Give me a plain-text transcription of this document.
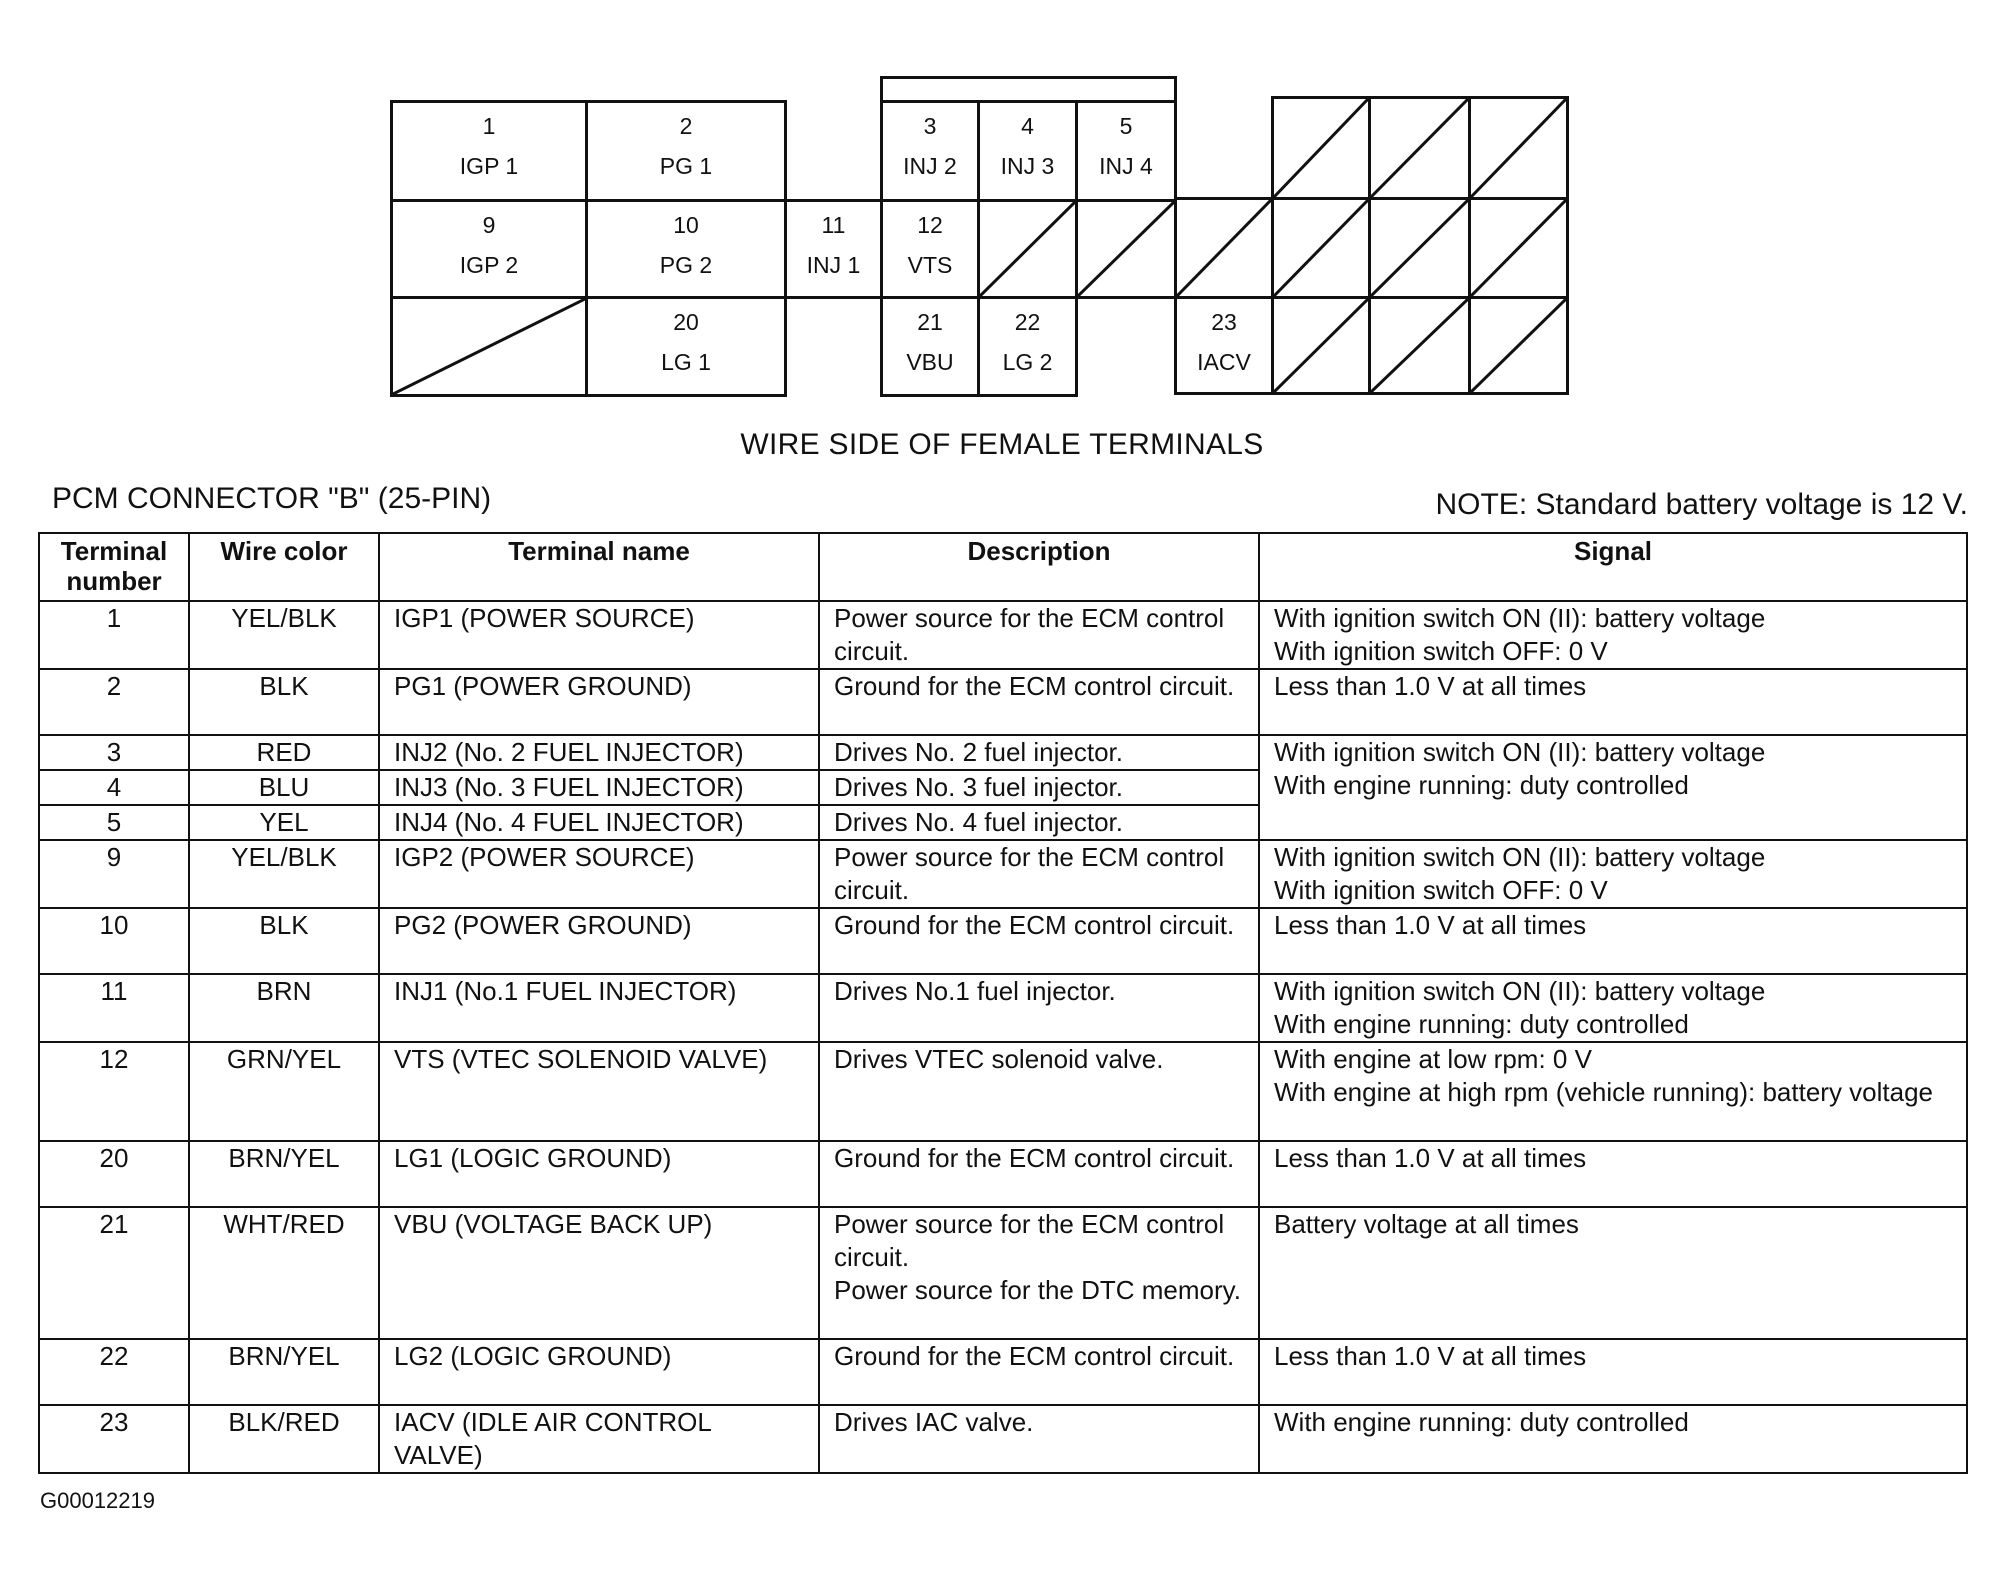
1
IGP 1
2
PG 1
3
INJ 2
4
INJ 3
5
INJ 4
9
IGP 2
10
PG 2
11
INJ 1
12
VTS
20
LG 1
21
VBU
22
LG 2
23
IACV
WIRE SIDE OF FEMALE TERMINALS
PCM CONNECTOR "B" (25-PIN)	NOTE: Standard battery voltage is 12 V.
Terminal number	Wire color	Terminal name	Description	Signal
1	YEL/BLK	IGP1 (POWER SOURCE)	Power source for the ECM control circuit.	With ignition switch ON (II): battery voltage
With ignition switch OFF: 0 V

2	BLK	PG1 (POWER GROUND)	Ground for the ECM control circuit.	Less than 1.0 V at all times

3	RED	INJ2 (No. 2 FUEL INJECTOR)	Drives No. 2 fuel injector.	With ignition switch ON (II): battery voltage
With engine running: duty controlled

4	BLU	INJ3 (No. 3 FUEL INJECTOR)	Drives No. 3 fuel injector.	
5	YEL	INJ4 (No. 4 FUEL INJECTOR)	Drives No. 4 fuel injector.	
9	YEL/BLK	IGP2 (POWER SOURCE)	Power source for the ECM control circuit.	With ignition switch ON (II): battery voltage
With ignition switch OFF: 0 V

10	BLK	PG2 (POWER GROUND)	Ground for the ECM control circuit.	Less than 1.0 V at all times

11	BRN	INJ1 (No.1 FUEL INJECTOR)	Drives No.1 fuel injector.	With ignition switch ON (II): battery voltage
With engine running: duty controlled

12	GRN/YEL	VTS (VTEC SOLENOID VALVE)	Drives VTEC solenoid valve.	With engine at low rpm: 0 V
With engine at high rpm (vehicle running): battery voltage

20	BRN/YEL	LG1 (LOGIC GROUND)	Ground for the ECM control circuit.	Less than 1.0 V at all times

21	WHT/RED	VBU (VOLTAGE BACK UP)	Power source for the ECM control circuit.
Power source for the DTC memory.	Battery voltage at all times

22	BRN/YEL	LG2 (LOGIC GROUND)	Ground for the ECM control circuit.	Less than 1.0 V at all times

23	BLK/RED	IACV (IDLE AIR CONTROL VALVE)	Drives IAC valve.	With engine running: duty controlled
G00012219
